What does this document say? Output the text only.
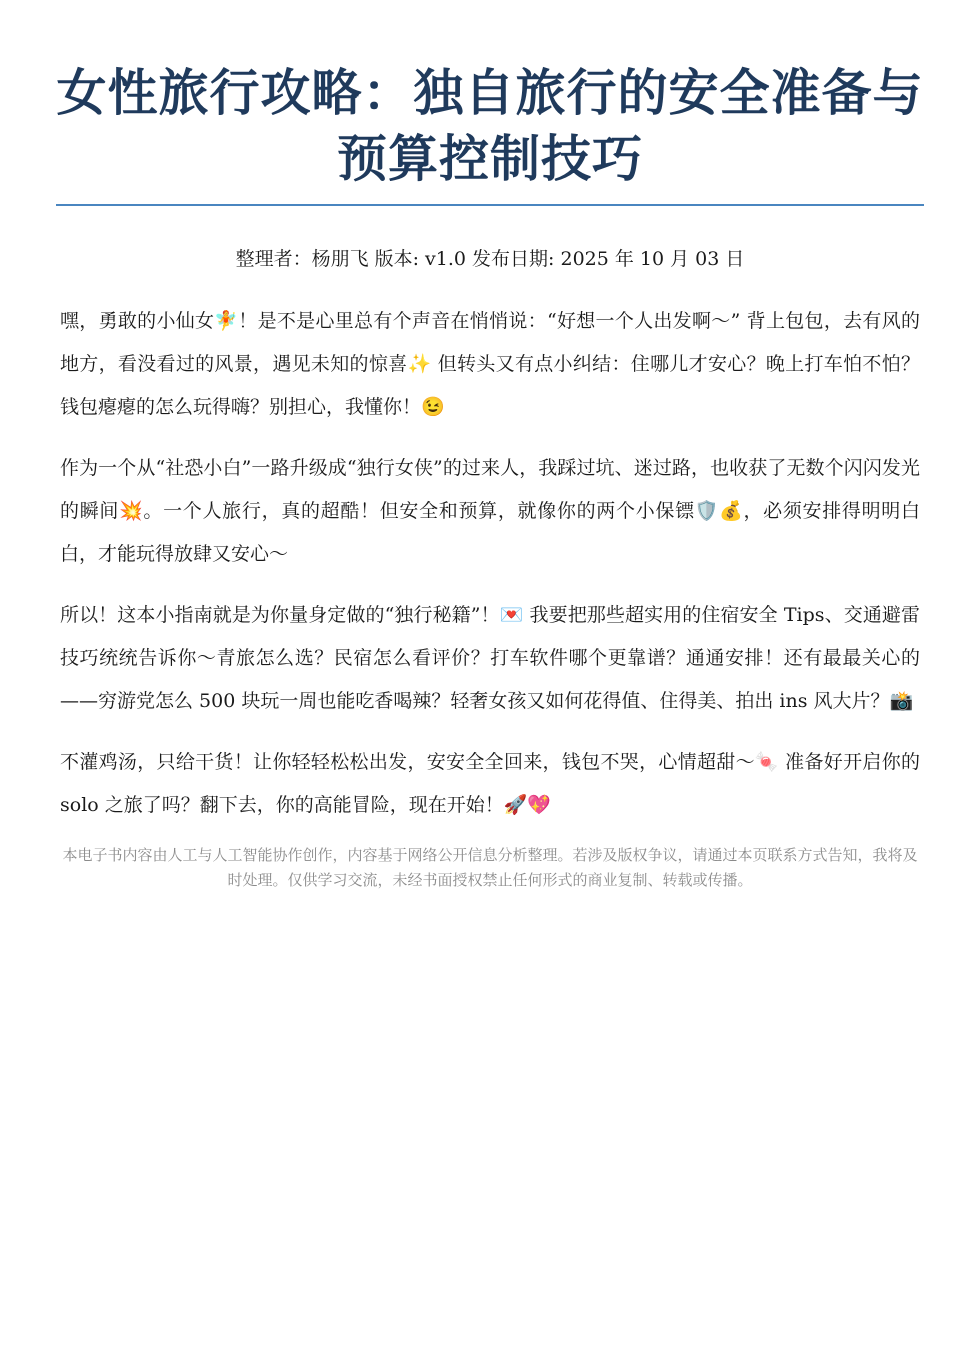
女性旅行攻略：独自旅行的安全准备与预算控制技巧
整理者：杨朋飞 版本: v1.0 发布日期: 2025 年 10 月 03 日

嘿，勇敢的小仙女🧚！是不是心里总有个声音在悄悄说：“好想一个人出发啊～” 背上包包，去有风的地方，看没看过的风景，遇见未知的惊喜✨ 但转头又有点小纠结：住哪儿才安心？晚上打车怕不怕？钱包瘪瘪的怎么玩得嗨？别担心，我懂你！😉

作为一个从“社恐小白”一路升级成“独行女侠”的过来人，我踩过坑、迷过路，也收获了无数个闪闪发光的瞬间💥。一个人旅行，真的超酷！但安全和预算，就像你的两个小保镖🛡️💰，必须安排得明明白白，才能玩得放肆又安心～

所以！这本小指南就是为你量身定做的“独行秘籍”！💌 我要把那些超实用的住宿安全 Tips、交通避雷技巧统统告诉你～青旅怎么选？民宿怎么看评价？打车软件哪个更靠谱？通通安排！还有最最关心的——穷游党怎么 500 块玩一周也能吃香喝辣？轻奢女孩又如何花得值、住得美、拍出 ins 风大片？📸

不灌鸡汤，只给干货！让你轻轻松松出发，安安全全回来，钱包不哭，心情超甜～🍬 准备好开启你的 solo 之旅了吗？翻下去，你的高能冒险，现在开始！🚀💖

本电子书内容由人工与人工智能协作创作，内容基于网络公开信息分析整理。若涉及版权争议，请通过本页联系方式告知，我将及时处理。仅供学习交流，未经书面授权禁止任何形式的商业复制、转载或传播。
